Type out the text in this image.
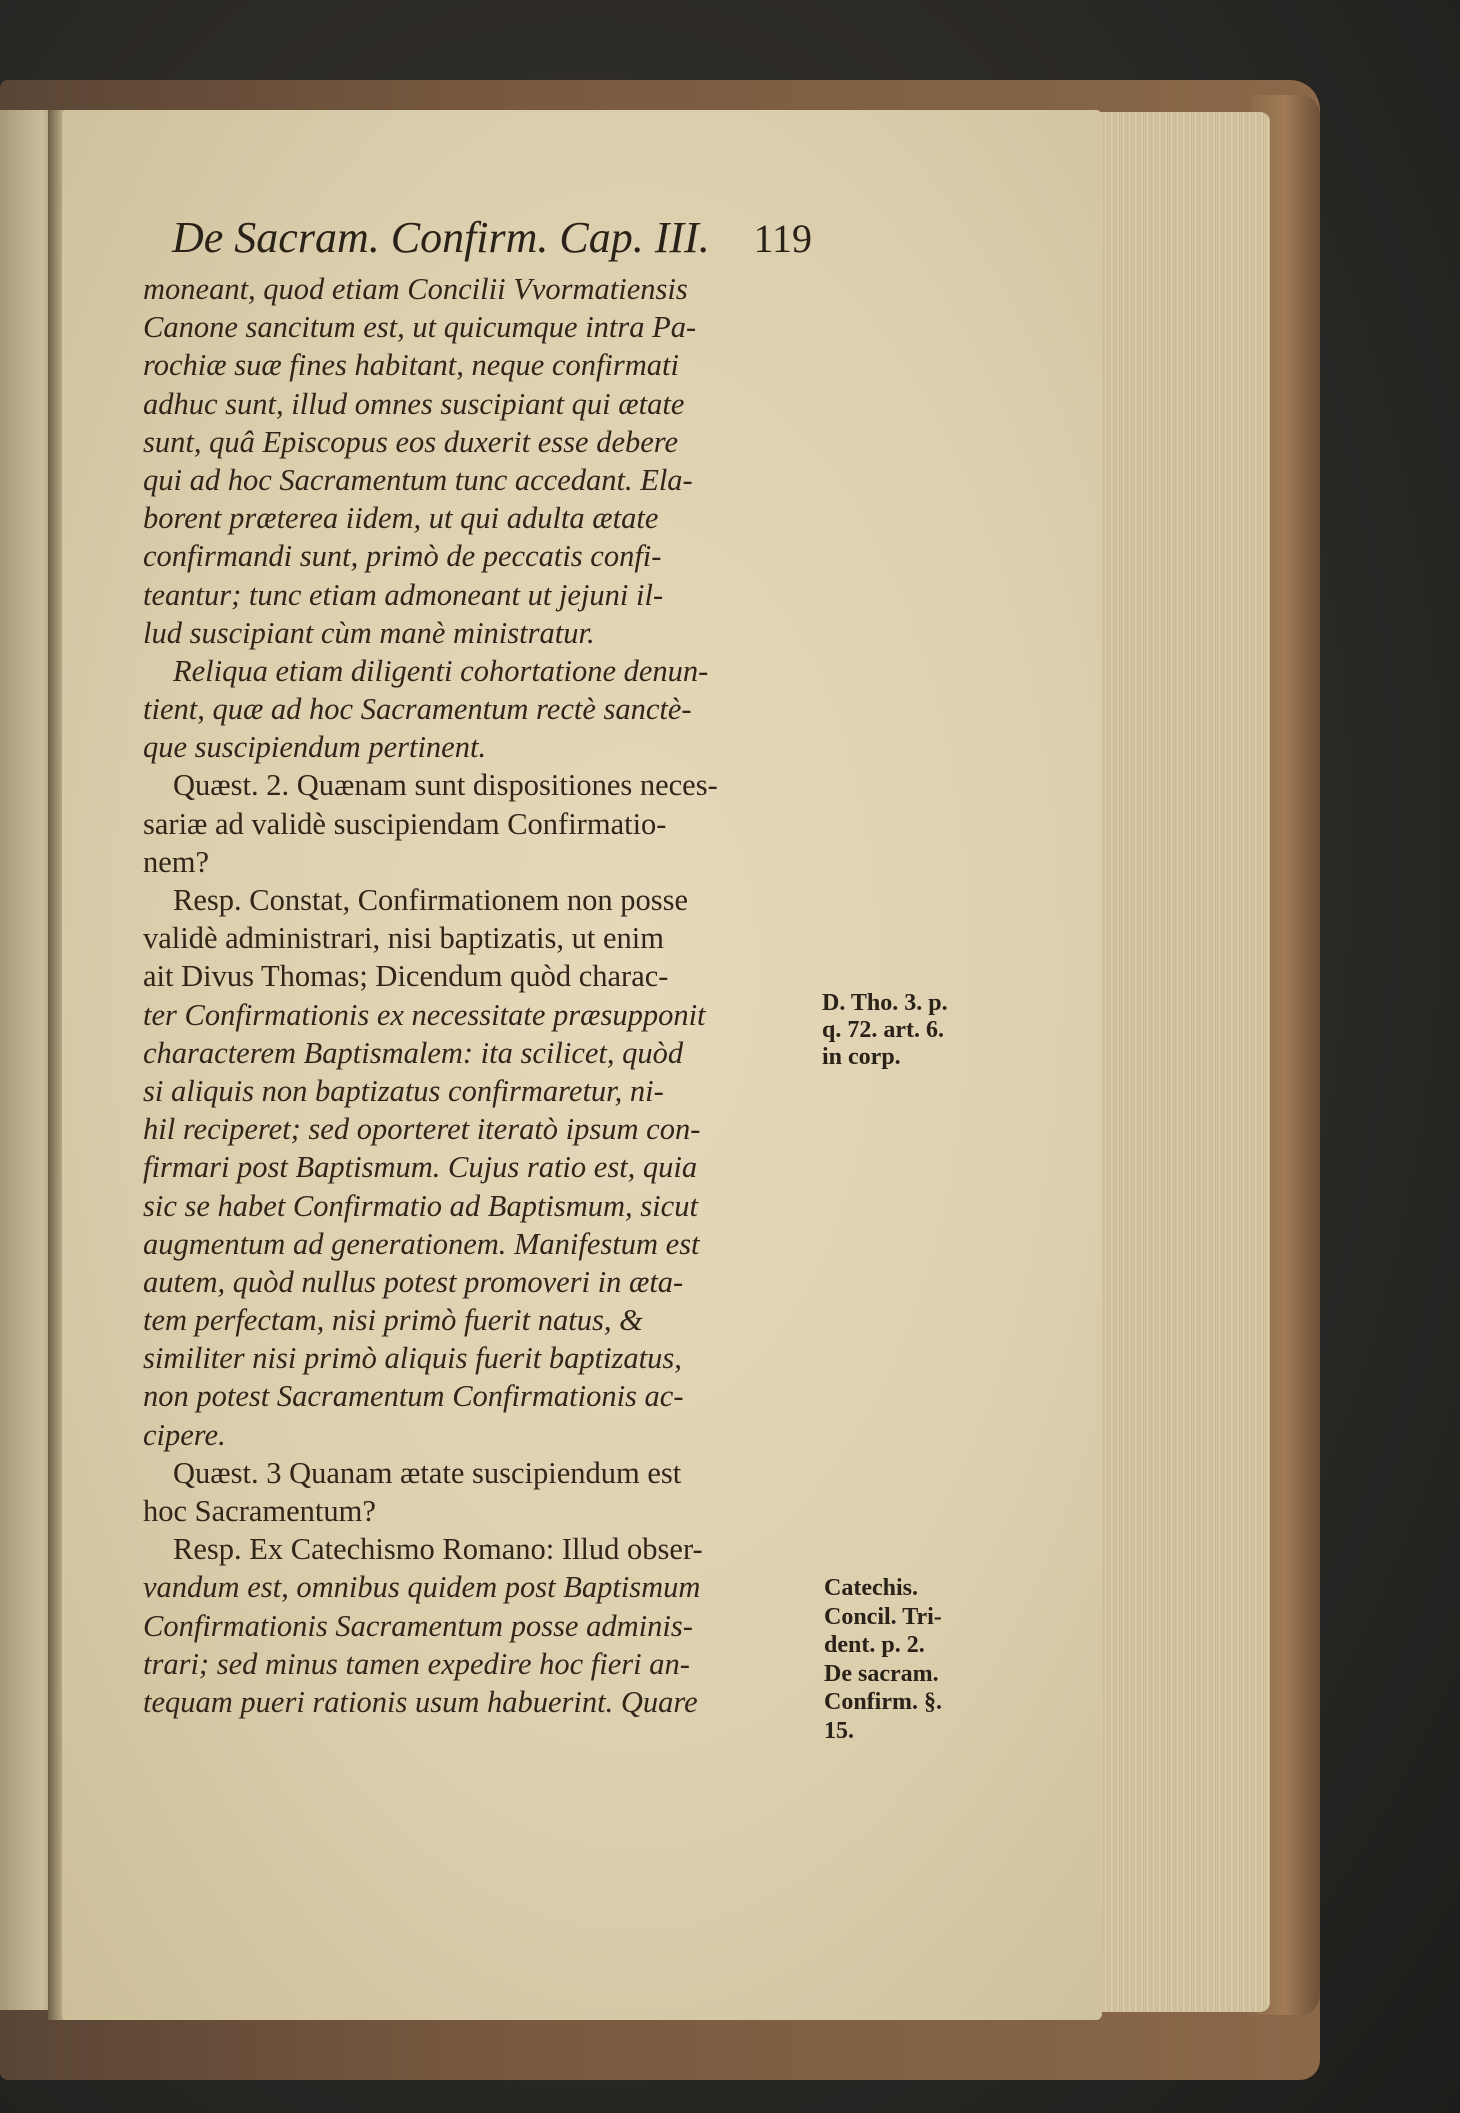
De Sacram. Confirm. Cap. III. 119
moneant, quod etiam Concilii Vvormatiensis
Canone sancitum est, ut quicumque intra Pa-
rochiæ suæ fines habitant, neque confirmati
adhuc sunt, illud omnes suscipiant qui ætate
sunt, quâ Episcopus eos duxerit esse debere
qui ad hoc Sacramentum tunc accedant. Ela-
borent præterea iidem, ut qui adulta ætate
confirmandi sunt, primò de peccatis confi-
teantur; tunc etiam admoneant ut jejuni il-
lud suscipiant cùm manè ministratur.
Reliqua etiam diligenti cohortatione denun-
tient, quæ ad hoc Sacramentum rectè sanctè-
que suscipiendum pertinent.
Quæst. 2. Quænam sunt dispositiones neces-
sariæ ad validè suscipiendam Confirmatio-
nem?
Resp. Constat, Confirmationem non posse
validè administrari, nisi baptizatis, ut enim
ait Divus Thomas; Dicendum quòd charac-
ter Confirmationis ex necessitate præsupponit
characterem Baptismalem: ita scilicet, quòd
si aliquis non baptizatus confirmaretur, ni-
hil reciperet; sed oporteret iteratò ipsum con-
firmari post Baptismum. Cujus ratio est, quia
sic se habet Confirmatio ad Baptismum, sicut
augmentum ad generationem. Manifestum est
autem, quòd nullus potest promoveri in æta-
tem perfectam, nisi primò fuerit natus, &
similiter nisi primò aliquis fuerit baptizatus,
non potest Sacramentum Confirmationis ac-
cipere.
Quæst. 3 Quanam ætate suscipiendum est
hoc Sacramentum?
Resp. Ex Catechismo Romano: Illud obser-
vandum est, omnibus quidem post Baptismum
Confirmationis Sacramentum posse adminis-
trari; sed minus tamen expedire hoc fieri an-
tequam pueri rationis usum habuerint. Quare
D. Tho. 3. p.
q. 72. art. 6.
in corp.
Catechis.
Concil. Tri-
dent. p. 2.
De sacram.
Confirm. §.
15.
